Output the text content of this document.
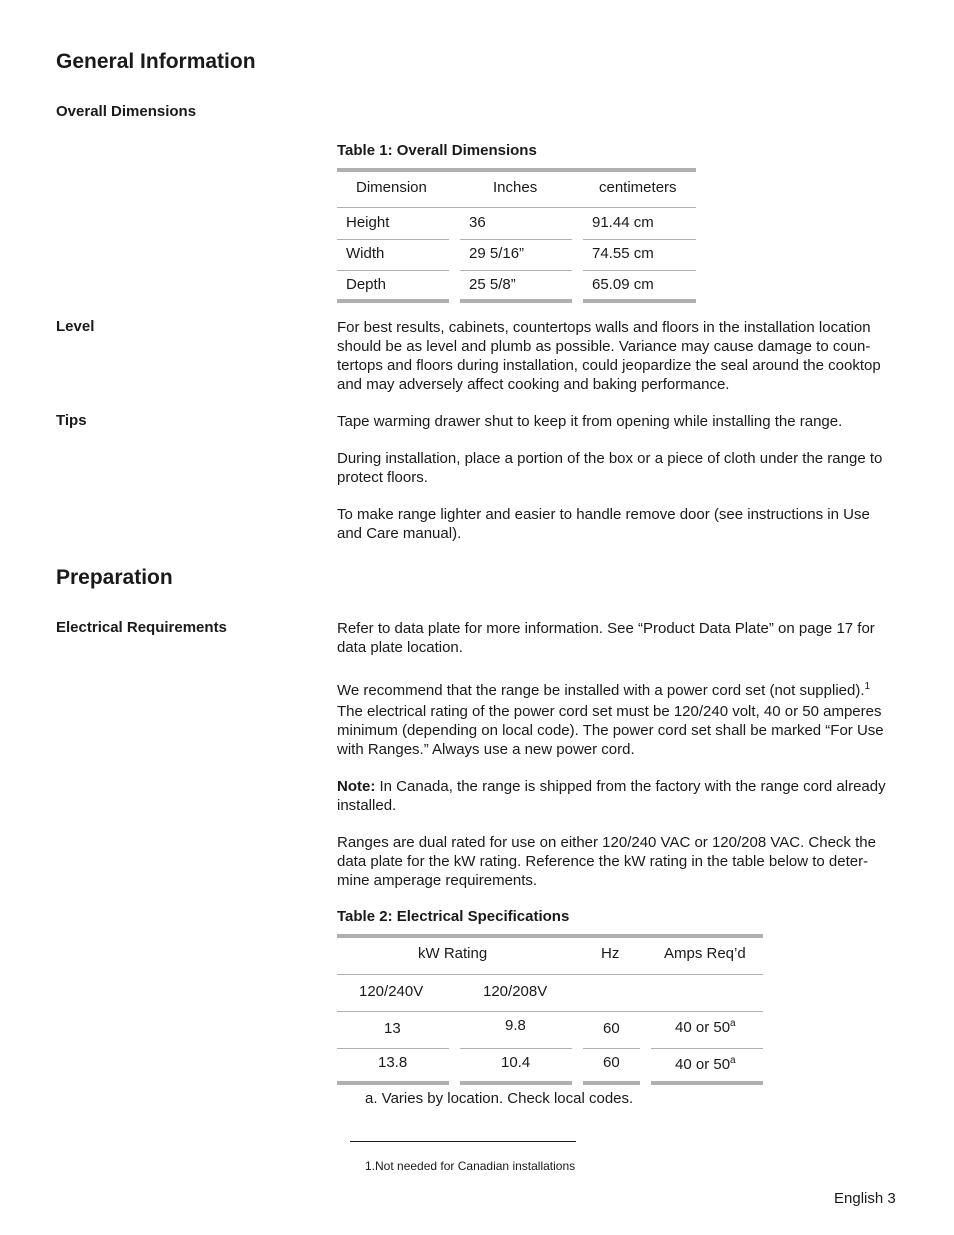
General Information
Overall Dimensions
Table 1: Overall Dimensions
Dimension	Inches	centimeters
Height	36	91.44 cm
Width	29 5/16”	74.55 cm
Depth	25 5/8”	65.09 cm
Level	For best results, cabinets, countertops walls and floors in the installation location should be as level and plumb as possible. Variance may cause damage to coun-tertops and floors during installation, could jeopardize the seal around the cooktop and may adversely affect cooking and baking performance.

Tips	Tape warming drawer shut to keep it from opening while installing the range.

During installation, place a portion of the box or a piece of cloth under the range to protect floors.

To make range lighter and easier to handle remove door (see instructions in Use and Care manual).

Preparation
Electrical Requirements	Refer to data plate for more information. See “Product Data Plate” on page 17 for data plate location.

We recommend that the range be installed with a power cord set (not supplied).$^1$

The electrical rating of the power cord set must be 120/240 volt, 40 or 50 amperes minimum (depending on local code). The power cord set shall be marked “For Use with Ranges.” Always use a new power cord.

Note: In Canada, the range is shipped from the factory with the range cord already installed.

Ranges are dual rated for use on either 120/240 VAC or 120/208 VAC. Check the data plate for the kW rating. Reference the kW rating in the table below to deter-mine amperage requirements.

Table 2: Electrical Specifications
kW Rating	Hz	Amps Req’d
120/240V	120/208V
13	9.8	60	40 or 50$^a$
13.8	10.4	60	40 or 50$^a$
a. Varies by location. Check local codes.
1.Not needed for Canadian installations
English 3
